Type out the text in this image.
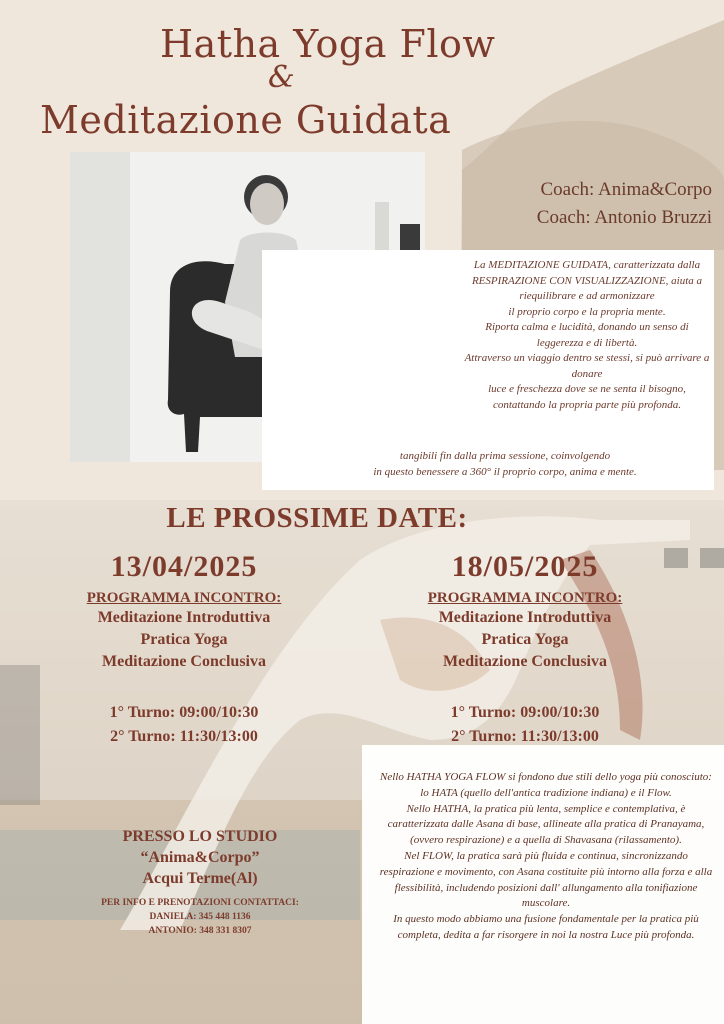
Hatha Yoga Flow
&
Meditazione Guidata
Coach: Anima&Corpo
Coach: Antonio Bruzzi
La MEDITAZIONE GUIDATA, caratterizzata dalla RESPIRAZIONE CON VISUALIZZAZIONE, aiuta a riequilibrare e ad armonizzare
il proprio corpo e la propria mente.
Riporta calma e lucidità, donando un senso di leggerezza e di libertà.
Attraverso un viaggio dentro se stessi, si può arrivare a donare
luce e freschezza dove se ne senta il bisogno, contattando la propria parte più profonda.
tangibili fin dalla prima sessione, coinvolgendo
in questo benessere a 360° il proprio corpo, anima e mente.
LE PROSSIME DATE:
13/04/2025
PROGRAMMA INCONTRO:
Meditazione Introduttiva
Pratica Yoga
Meditazione Conclusiva
1° Turno: 09:00/10:30
2° Turno: 11:30/13:00
18/05/2025
PROGRAMMA INCONTRO:
Meditazione Introduttiva
Pratica Yoga
Meditazione Conclusiva
1° Turno: 09:00/10:30
2° Turno: 11:30/13:00
Nello HATHA YOGA FLOW si fondono due stili dello yoga più conosciuto: lo HATA (quello dell'antica tradizione indiana) e il Flow.
Nello HATHA, la pratica più lenta, semplice e contemplativa, è caratterizzata dalle Asana di base, allineate alla pratica di Pranayama, (ovvero respirazione) e a quella di Shavasana (rilassamento).
Nel FLOW, la pratica sarà più fluida e continua, sincronizzando respirazione e movimento, con Asana costituite più intorno alla forza e alla flessibilità, includendo posizioni dall' allungamento alla tonifiazione muscolare.
In questo modo abbiamo una fusione fondamentale per la pratica più completa, dedita a far risorgere in noi la nostra Luce più profonda.
PRESSO LO STUDIO
“Anima&Corpo”
Acqui Terme(Al)
PER INFO E PRENOTAZIONI CONTATTACI:
DANIELA: 345 448 1136
ANTONIO: 348 331 8307
